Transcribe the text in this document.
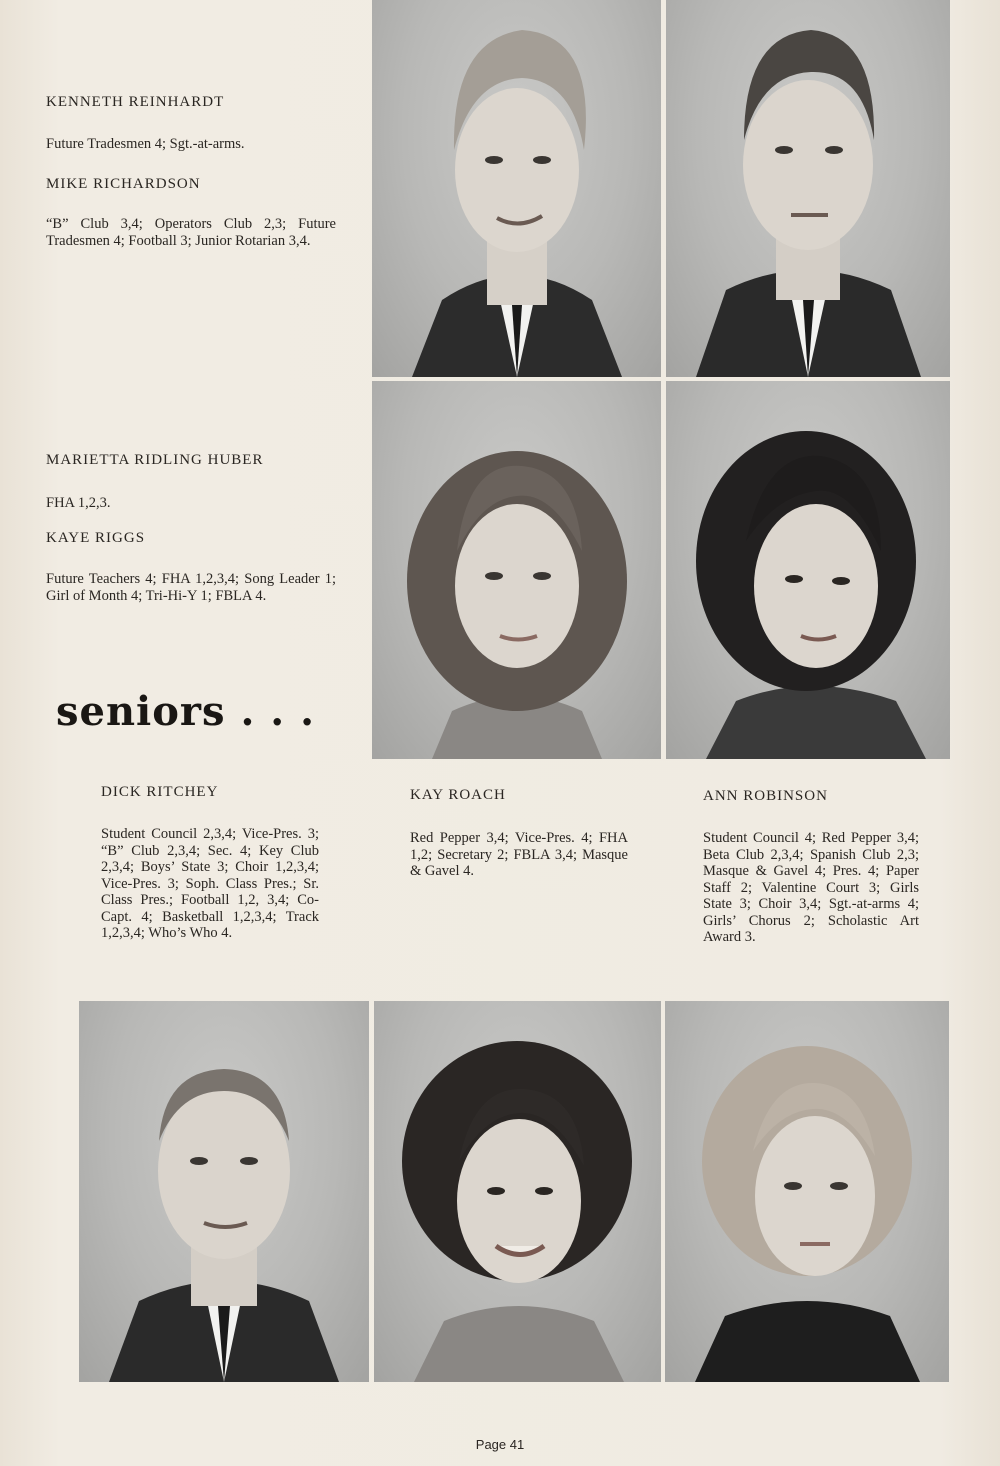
KENNETH REINHARDT
Future Tradesmen 4; Sgt.-at-arms.
MIKE RICHARDSON
“B” Club 3,4; Operators Club 2,3; Future Tradesmen 4; Football 3; Junior Rotarian 3,4.
MARIETTA RIDLING HUBER
FHA 1,2,3.
KAYE RIGGS
Future Teachers 4; FHA 1,2,3,4; Song Leader 1; Girl of Month 4; Tri-Hi-Y 1; FBLA 4.
seniors . . .
DICK RITCHEY
Student Council 2,3,4; Vice-Pres. 3; “B” Club 2,3,4; Sec. 4; Key Club 2,3,4; Boys’ State 3; Choir 1,2,3,4; Vice-Pres. 3; Soph. Class Pres.; Sr. Class Pres.; Football 1,2, 3,4; Co-Capt. 4; Basketball 1,2,3,4; Track 1,2,3,4; Who’s Who 4.
KAY ROACH
Red Pepper 3,4; Vice-Pres. 4; FHA 1,2; Secretary 2; FBLA 3,4; Masque & Gavel 4.
ANN ROBINSON
Student Council 4; Red Pepper 3,4; Beta Club 2,3,4; Spanish Club 2,3; Masque & Gavel 4; Pres. 4; Paper Staff 2; Valentine Court 3; Girls State 3; Choir 3,4; Sgt.-at-arms 4; Girls’ Chorus 2; Scholastic Art Award 3.
Page 41
